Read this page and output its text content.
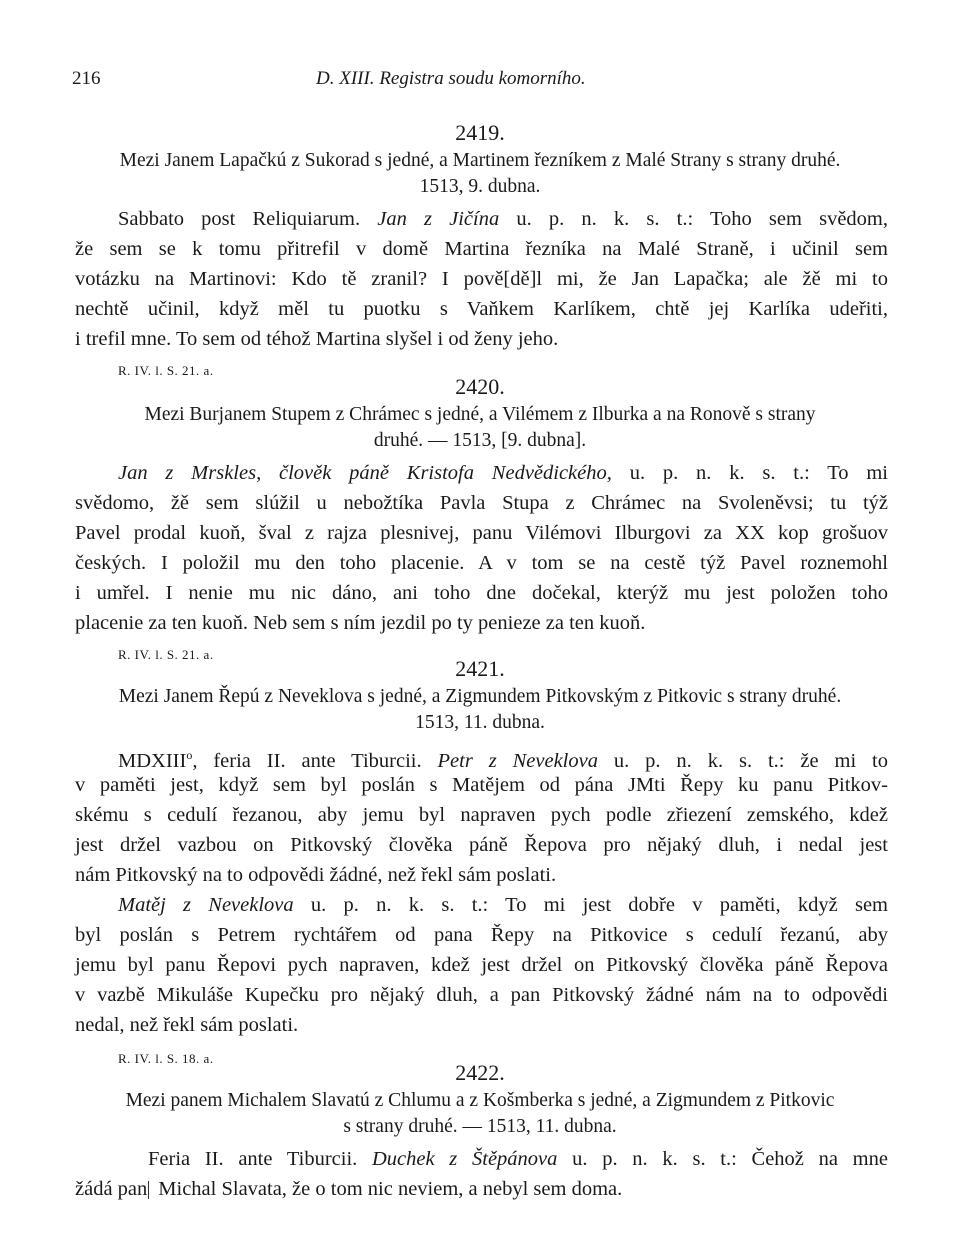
216	D. XIII. Registra soudu komorního.
2419.
Mezi Janem Lapačkú z Sukorad s jedné, a Martinem řezníkem z Malé Strany s strany druhé.
1513, 9. dubna.
Sabbato post Reliquiarum. Jan z Jičína u. p. n. k. s. t.: Toho sem svědom,
že sem se k tomu přitrefil v domě Martina řezníka na Malé Straně, i učinil sem
votázku na Martinovi: Kdo tě zranil? I pově[dě]l mi, že Jan Lapačka; ale žě mi to
nechtě učinil, když měl tu puotku s Vaňkem Karlíkem, chtě jej Karlíka udeřiti,
i trefil mne. To sem od téhož Martina slyšel i od ženy jeho.
R. IV. l. S. 21. a.
2420.
Mezi Burjanem Stupem z Chrámec s jedné, a Vilémem z Ilburka a na Ronově s strany
druhé. — 1513, [9. dubna].
Jan z Mrskles, člověk páně Kristofa Nedvědického, u. p. n. k. s. t.: To mi
svědomo, žě sem slúžil u nebožtíka Pavla Stupa z Chrámec na Svoleněvsi; tu týž
Pavel prodal kuoň, šval z rajza plesnivej, panu Vilémovi Ilburgovi za XX kop grošuov
českých. I položil mu den toho placenie. A v tom se na cestě týž Pavel roznemohl
i umřel. I nenie mu nic dáno, ani toho dne dočekal, kterýž mu jest položen toho
placenie za ten kuoň. Neb sem s ním jezdil po ty penieze za ten kuoň.
R. IV. l. S. 21. a.
2421.
Mezi Janem Řepú z Neveklova s jedné, a Zigmundem Pitkovským z Pitkovic s strany druhé.
1513, 11. dubna.
MDXIII$^o$, feria II. ante Tiburcii. Petr z Neveklova u. p. n. k. s. t.: že mi to
v paměti jest, když sem byl poslán s Matějem od pána JMti Řepy ku panu Pitkov-
skému s cedulí řezanou, aby jemu byl napraven pych podle zřiezení zemského, kdež
jest držel vazbou on Pitkovský člověka páně Řepova pro nějaký dluh, i nedal jest
nám Pitkovský na to odpovědi žádné, než řekl sám poslati.
Matěj z Neveklova u. p. n. k. s. t.: To mi jest dobře v paměti, když sem
byl poslán s Petrem rychtářem od pana Řepy na Pitkovice s cedulí řezanú, aby
jemu byl panu Řepovi pych napraven, kdež jest držel on Pitkovský člověka páně Řepova
v vazbě Mikuláše Kupečku pro nějaký dluh, a pan Pitkovský žádné nám na to odpovědi
nedal, než řekl sám poslati.
R. IV. l. S. 18. a.
2422.
Mezi panem Michalem Slavatú z Chlumu a z Košmberka s jedné, a Zigmundem z Pitkovic
s strany druhé. — 1513, 11. dubna.
Feria II. ante Tiburcii. Duchek z Štěpánova u. p. n. k. s. t.: Čehož na mne
žádá pan Michal Slavata, že o tom nic neviem, a nebyl sem doma.
